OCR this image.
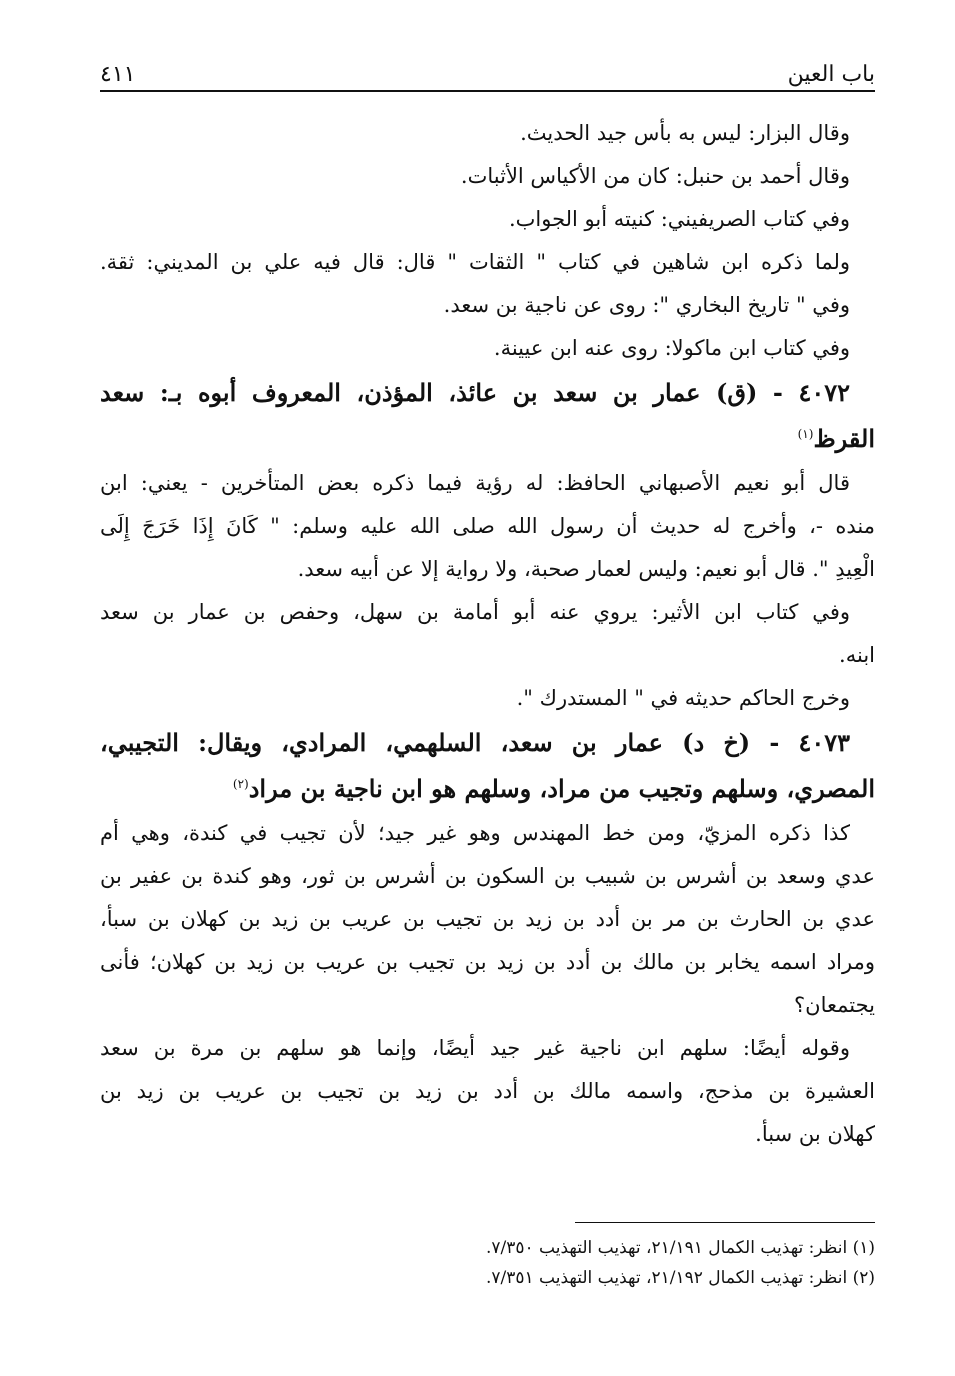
باب العين
٤١١
وقال البزار: ليس به بأس جيد الحديث.
وقال أحمد بن حنبل: كان من الأكياس الأثبات.
وفي كتاب الصريفيني: كنيته أبو الجواب.
ولما ذكره ابن شاهين في كتاب " الثقات " قال: قال فيه علي بن المديني: ثقة.
وفي " تاريخ البخاري ": روى عن ناجية بن سعد.
وفي كتاب ابن ماكولا: روى عنه ابن عيينة.
٤٠٧٢ - (ق) عمار بن سعد بن عائذ، المؤذن، المعروف أبوه بـ: سعد
القرظ$^{(١)}$
قال أبو نعيم الأصبهاني الحافظ: له رؤية فيما ذكره بعض المتأخرين - يعني: ابن
منده -، وأخرج له حديث أن رسول الله صلى الله عليه وسلم: " كَانَ إِذَا خَرَجَ إِلَى
الْعِيدِ ". قال أبو نعيم: وليس لعمار صحبة، ولا رواية إلا عن أبيه سعد.
وفي كتاب ابن الأثير: يروي عنه أبو أمامة بن سهل، وحفص بن عمار بن سعد
ابنه.
وخرج الحاكم حديثه في " المستدرك ".
٤٠٧٣ - (خ د) عمار بن سعد، السلهمي، المرادي، ويقال: التجيبي،
المصري، وسلهم وتجيب من مراد، وسلهم هو ابن ناجية بن مراد$^{(٢)}$
كذا ذكره المزيّ، ومن خط المهندس وهو غير جيد؛ لأن تجيب في كندة، وهي أم
عدي وسعد بن أشرس بن شبيب بن السكون بن أشرس بن ثور، وهو كندة بن عفير بن
عدي بن الحارث بن مر بن أدد بن زيد بن تجيب بن عريب بن زيد بن كهلان بن سبأ،
ومراد اسمه يخابر بن مالك بن أدد بن زيد بن تجيب بن عريب بن زيد بن كهلان؛ فأنى
يجتمعان؟
وقوله أيضًا: سلهم ابن ناجية غير جيد أيضًا، وإنما هو سلهم بن مرة بن سعد
العشيرة بن مذحج، واسمه مالك بن أدد بن زيد بن تجيب بن عريب بن زيد بن
كهلان بن سبأ.
(١) انظر: تهذيب الكمال ٢١/١٩١، تهذيب التهذيب ٧/٣٥٠.
(٢) انظر: تهذيب الكمال ٢١/١٩٢، تهذيب التهذيب ٧/٣٥١.
